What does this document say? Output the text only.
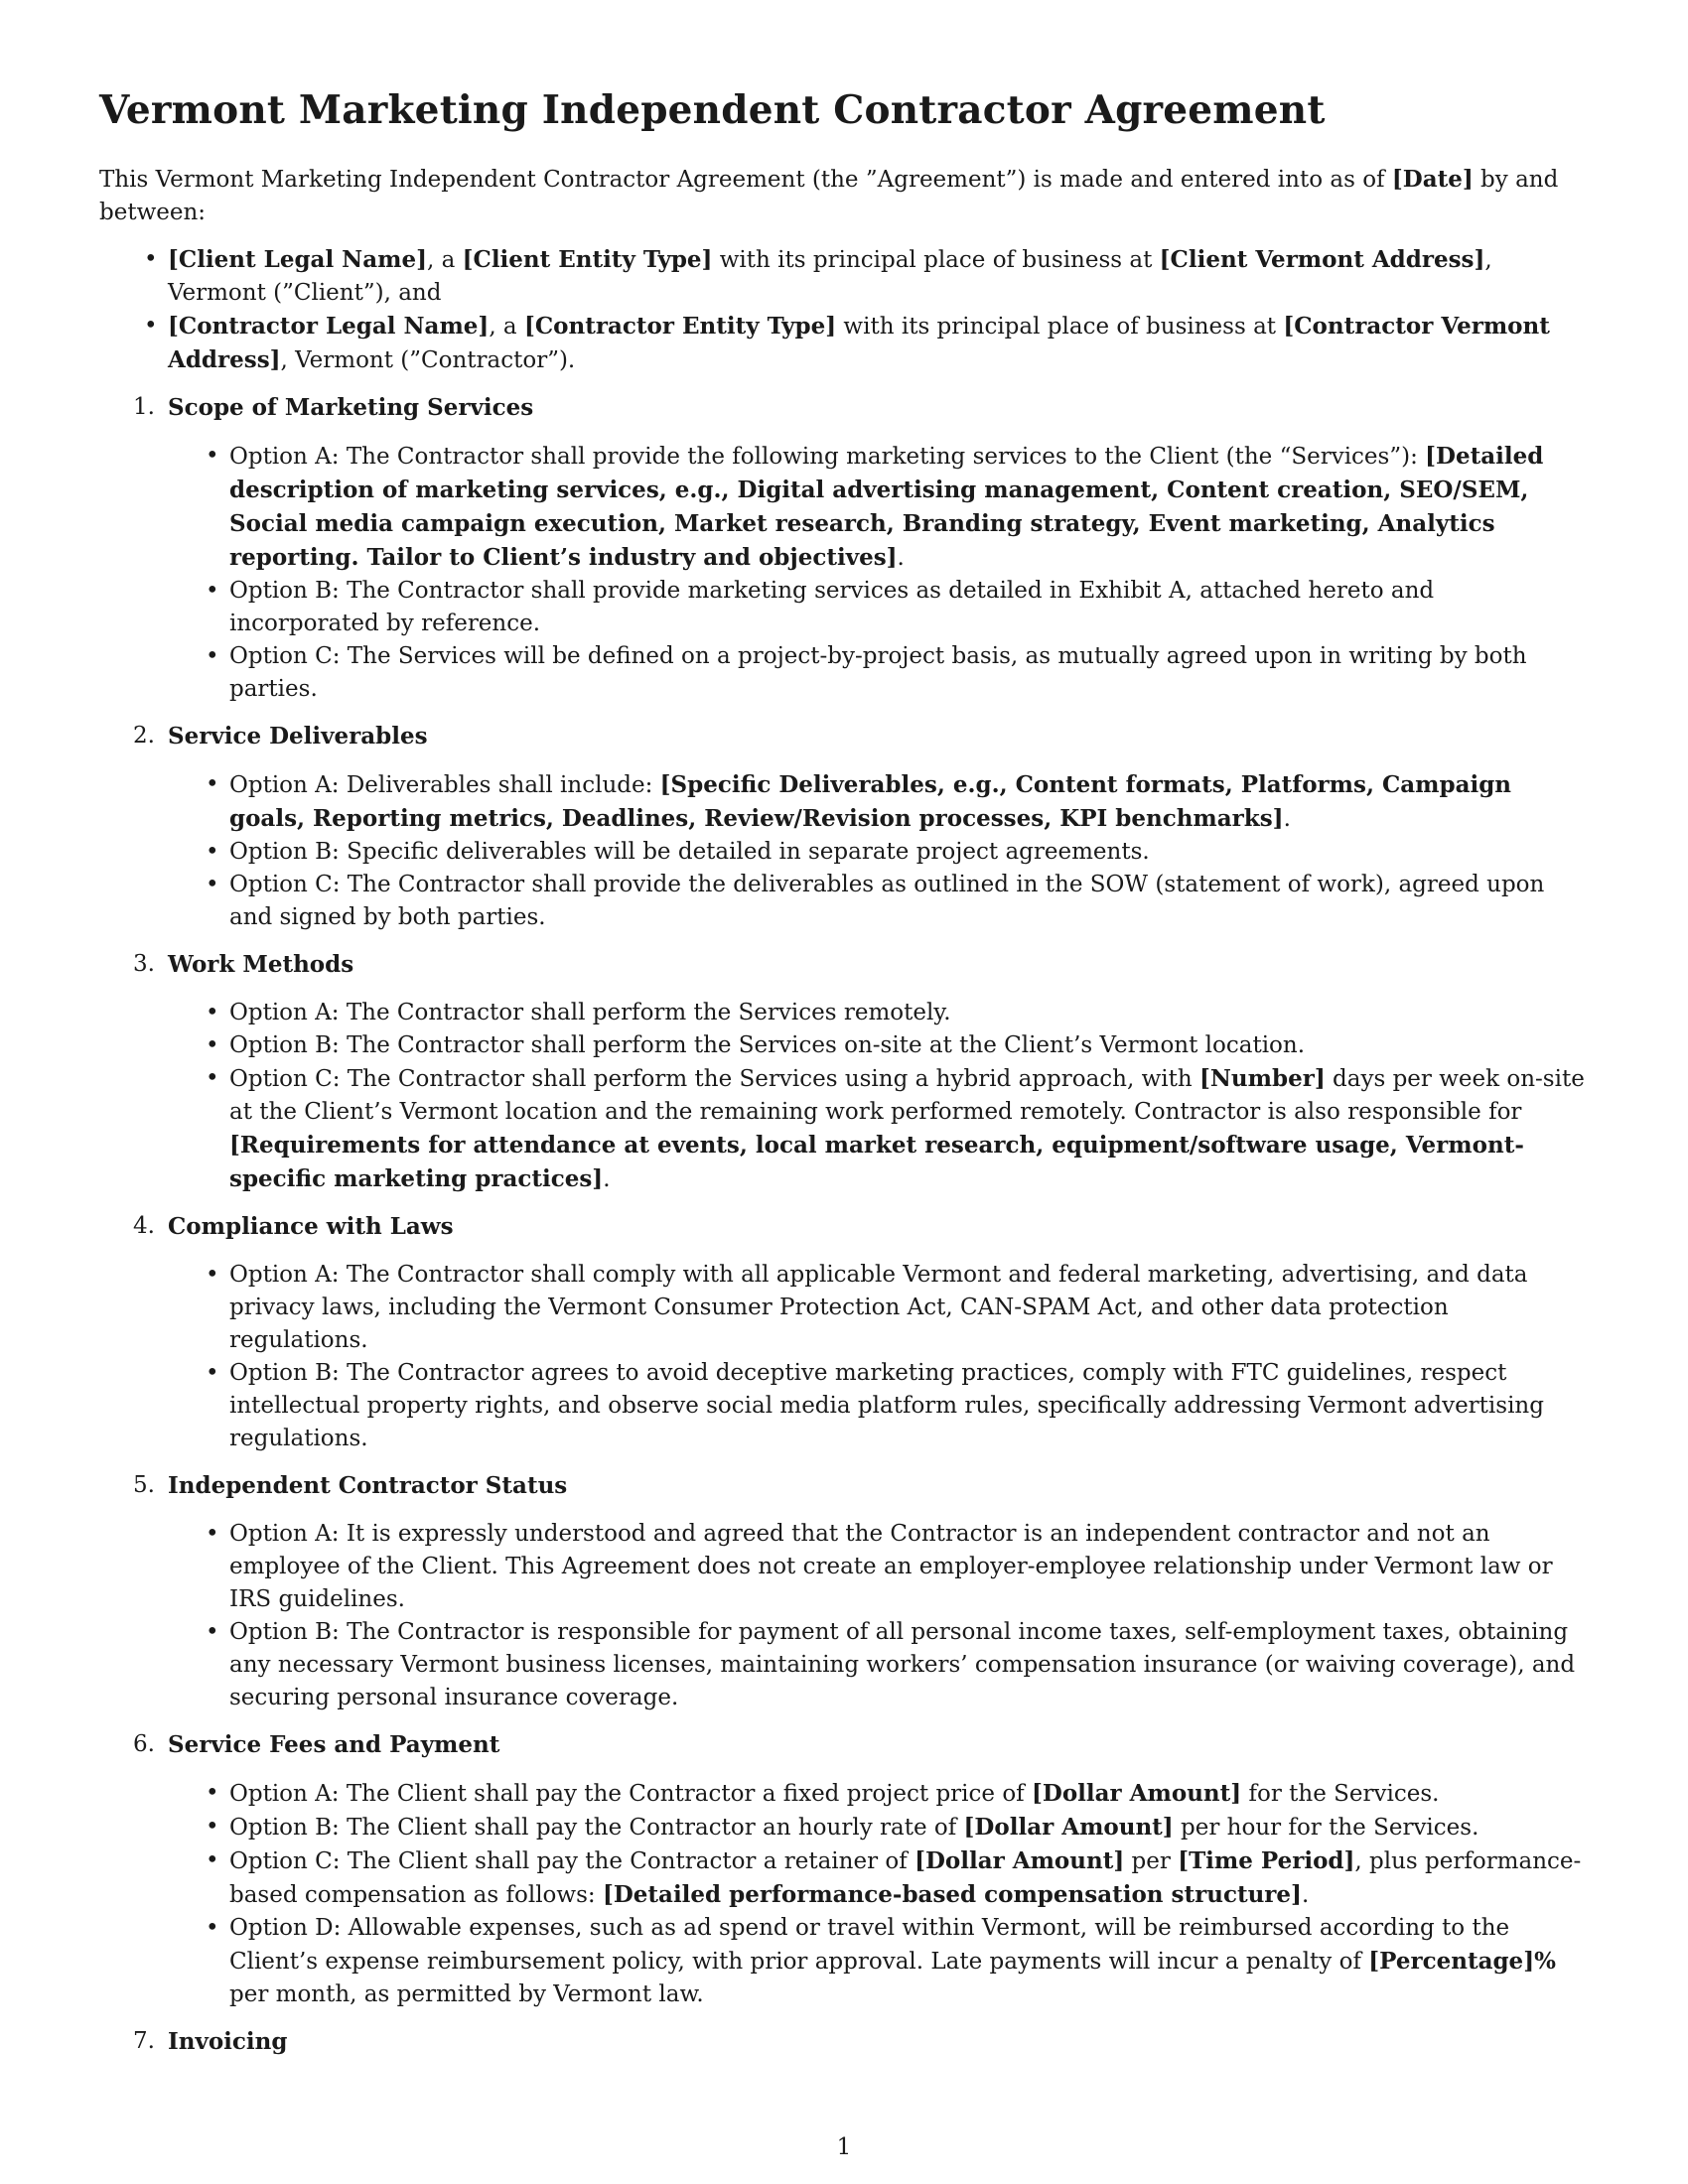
Vermont Marketing Independent Contractor Agreement

This Vermont Marketing Independent Contractor Agreement (the ”Agreement”) is made and entered into as of [Date] by and between:

• [Client Legal Name], a [Client Entity Type] with its principal place of business at [Client Vermont Address], Vermont (”Client”), and
• [Contractor Legal Name], a [Contractor Entity Type] with its principal place of business at [Contractor Vermont Address], Vermont (”Contractor”).
1. Scope of Marketing Services
• Option A: The Contractor shall provide the following marketing services to the Client (the “Services”): [Detailed description of marketing services, e.g., Digital advertising management, Content creation, SEO/SEM, Social media campaign execution, Market research, Branding strategy, Event marketing, Analytics reporting. Tailor to Client’s industry and objectives].
• Option B: The Contractor shall provide marketing services as detailed in Exhibit A, attached hereto and incorporated by reference.
• Option C: The Services will be defined on a project-by-project basis, as mutually agreed upon in writing by both parties.
2. Service Deliverables
• Option A: Deliverables shall include: [Specific Deliverables, e.g., Content formats, Platforms, Campaign goals, Reporting metrics, Deadlines, Review/Revision processes, KPI benchmarks].
• Option B: Specific deliverables will be detailed in separate project agreements.
• Option C: The Contractor shall provide the deliverables as outlined in the SOW (statement of work), agreed upon and signed by both parties.
3. Work Methods
• Option A: The Contractor shall perform the Services remotely.
• Option B: The Contractor shall perform the Services on-site at the Client’s Vermont location.
• Option C: The Contractor shall perform the Services using a hybrid approach, with [Number] days per week on-site at the Client’s Vermont location and the remaining work performed remotely. Contractor is also responsible for [Requirements for attendance at events, local market research, equipment/software usage, Vermont-specific marketing practices].
4. Compliance with Laws
• Option A: The Contractor shall comply with all applicable Vermont and federal marketing, advertising, and data privacy laws, including the Vermont Consumer Protection Act, CAN-SPAM Act, and other data protection regulations.
• Option B: The Contractor agrees to avoid deceptive marketing practices, comply with FTC guidelines, respect intellectual property rights, and observe social media platform rules, specifically addressing Vermont advertising regulations.
5. Independent Contractor Status
• Option A: It is expressly understood and agreed that the Contractor is an independent contractor and not an employee of the Client. This Agreement does not create an employer-employee relationship under Vermont law or IRS guidelines.
• Option B: The Contractor is responsible for payment of all personal income taxes, self-employment taxes, obtaining any necessary Vermont business licenses, maintaining workers’ compensation insurance (or waiving coverage), and securing personal insurance coverage.
6. Service Fees and Payment
• Option A: The Client shall pay the Contractor a fixed project price of [Dollar Amount] for the Services.
• Option B: The Client shall pay the Contractor an hourly rate of [Dollar Amount] per hour for the Services.
• Option C: The Client shall pay the Contractor a retainer of [Dollar Amount] per [Time Period], plus performance-based compensation as follows: [Detailed performance-based compensation structure].
• Option D: Allowable expenses, such as ad spend or travel within Vermont, will be reimbursed according to the Client’s expense reimbursement policy, with prior approval. Late payments will incur a penalty of [Percentage]% per month, as permitted by Vermont law.
7. Invoicing
1
